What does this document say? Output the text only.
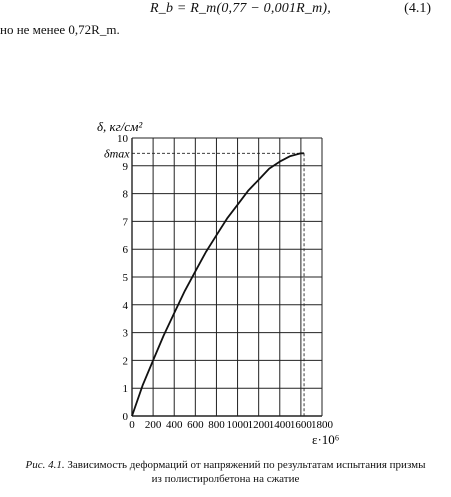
R_b = R_m(0,77 − 0,001R_m),	(4.1)
но не менее 0,72R_m.
δ, кг/см²
δmax
ε·10⁶
0 200 400 600 800 1000 1200 1400 1600 1800
0
1
2
3
4
5
6
7
8
9
10
Рис. 4.1. Зависимость деформаций от напряжений по результатам испытания призмы из полистиролбетона на сжатие
